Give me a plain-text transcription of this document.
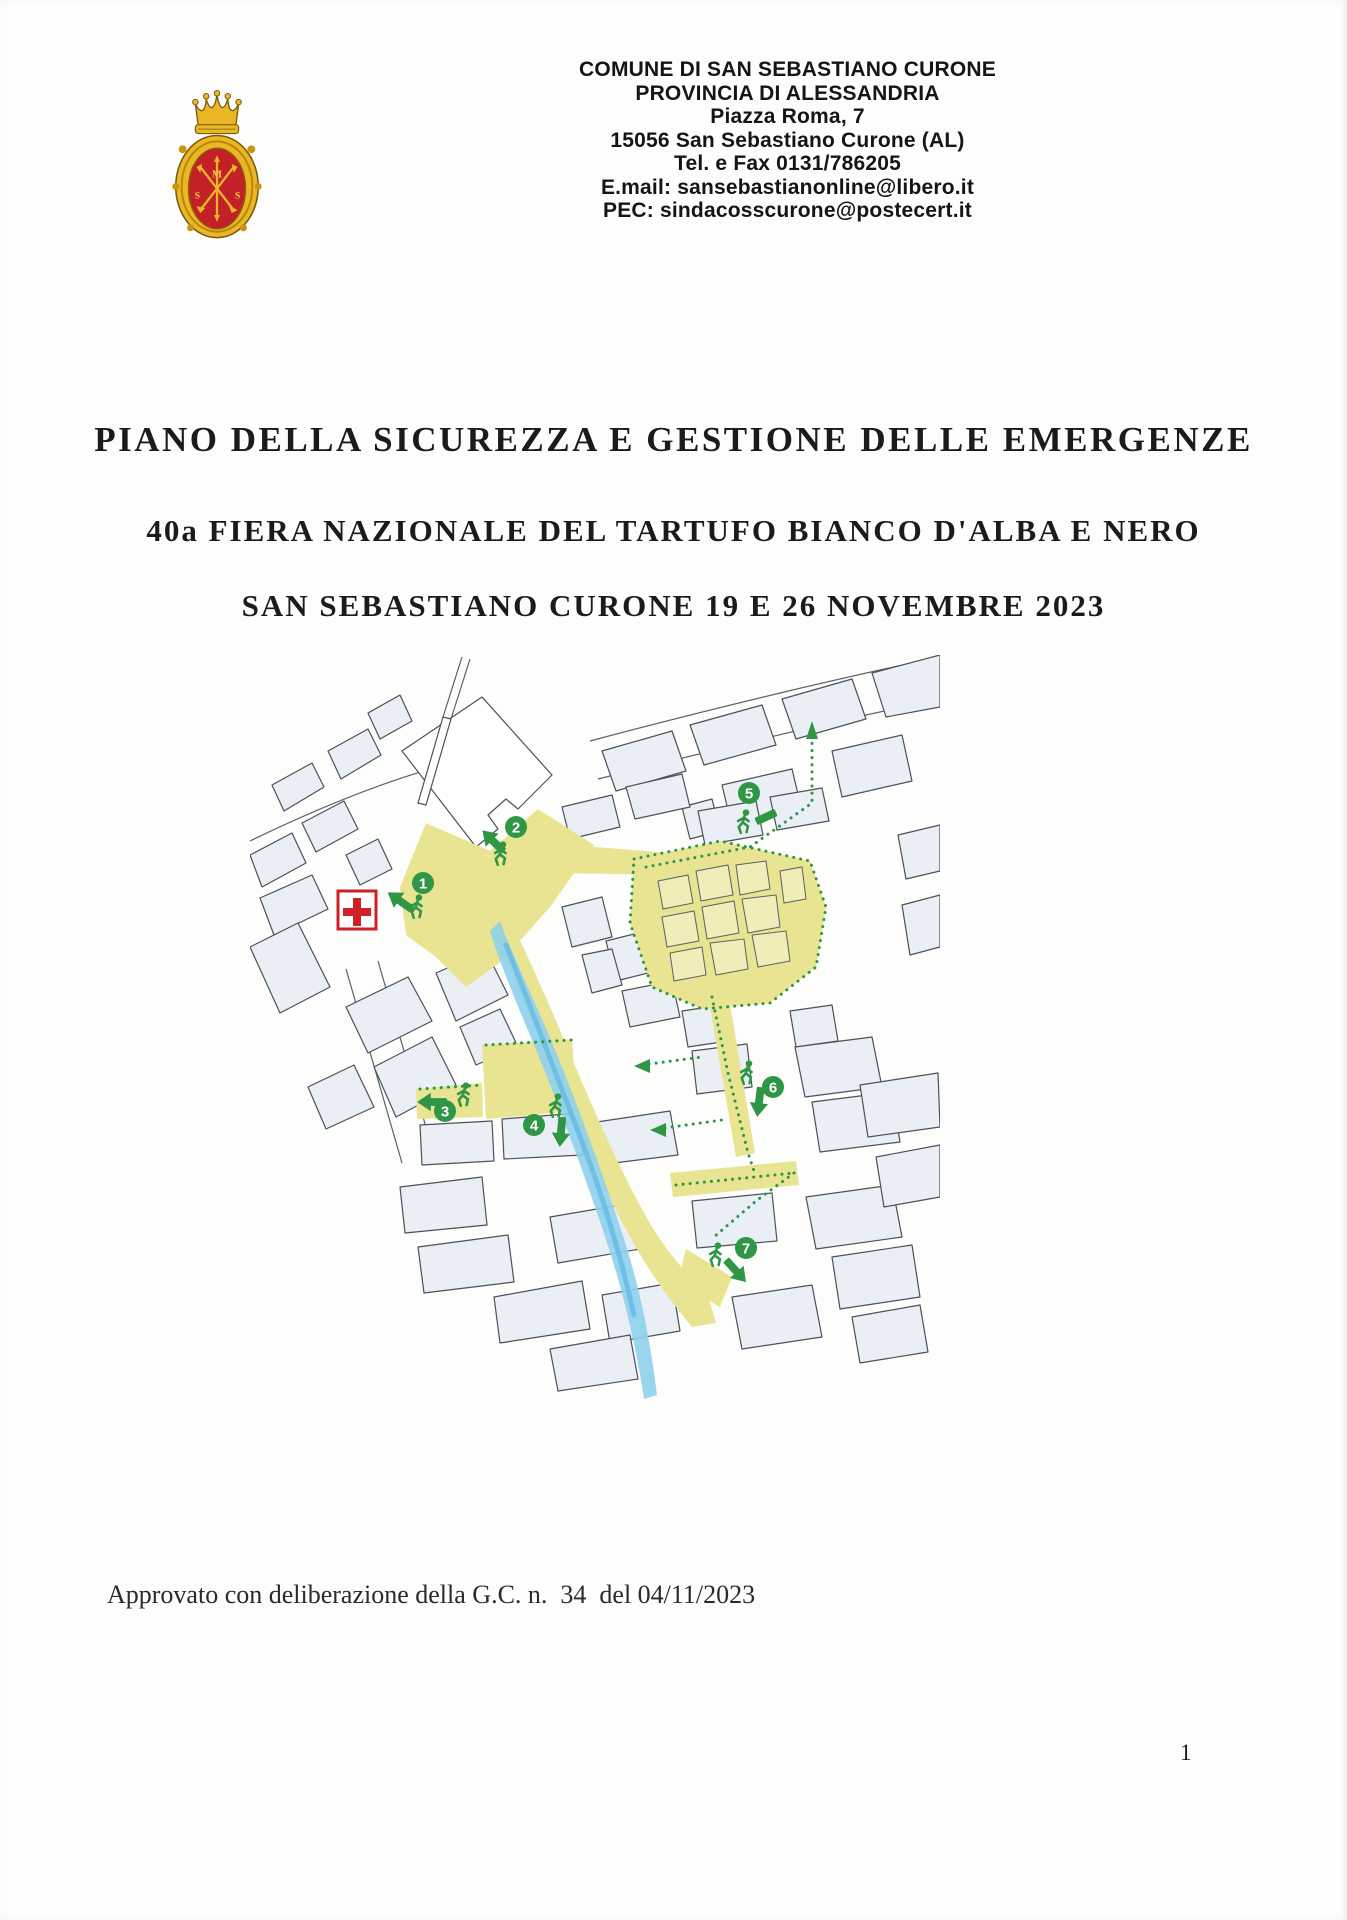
M
S	S
COMUNE DI SAN SEBASTIANO CURONE
PROVINCIA DI ALESSANDRIA
Piazza Roma, 7
15056 San Sebastiano Curone (AL)
Tel. e Fax 0131/786205
E.mail: sansebastianonline@libero.it
PEC: sindacosscurone@postecert.it
PIANO DELLA SICUREZZA E GESTIONE DELLE EMERGENZE
40a FIERA NAZIONALE DEL TARTUFO BIANCO D'ALBA E NERO
SAN SEBASTIANO CURONE 19 E 26 NOVEMBRE 2023
1
2
3
4
5
6
7
Approvato con deliberazione della G.C. n.  34  del 04/11/2023
1
